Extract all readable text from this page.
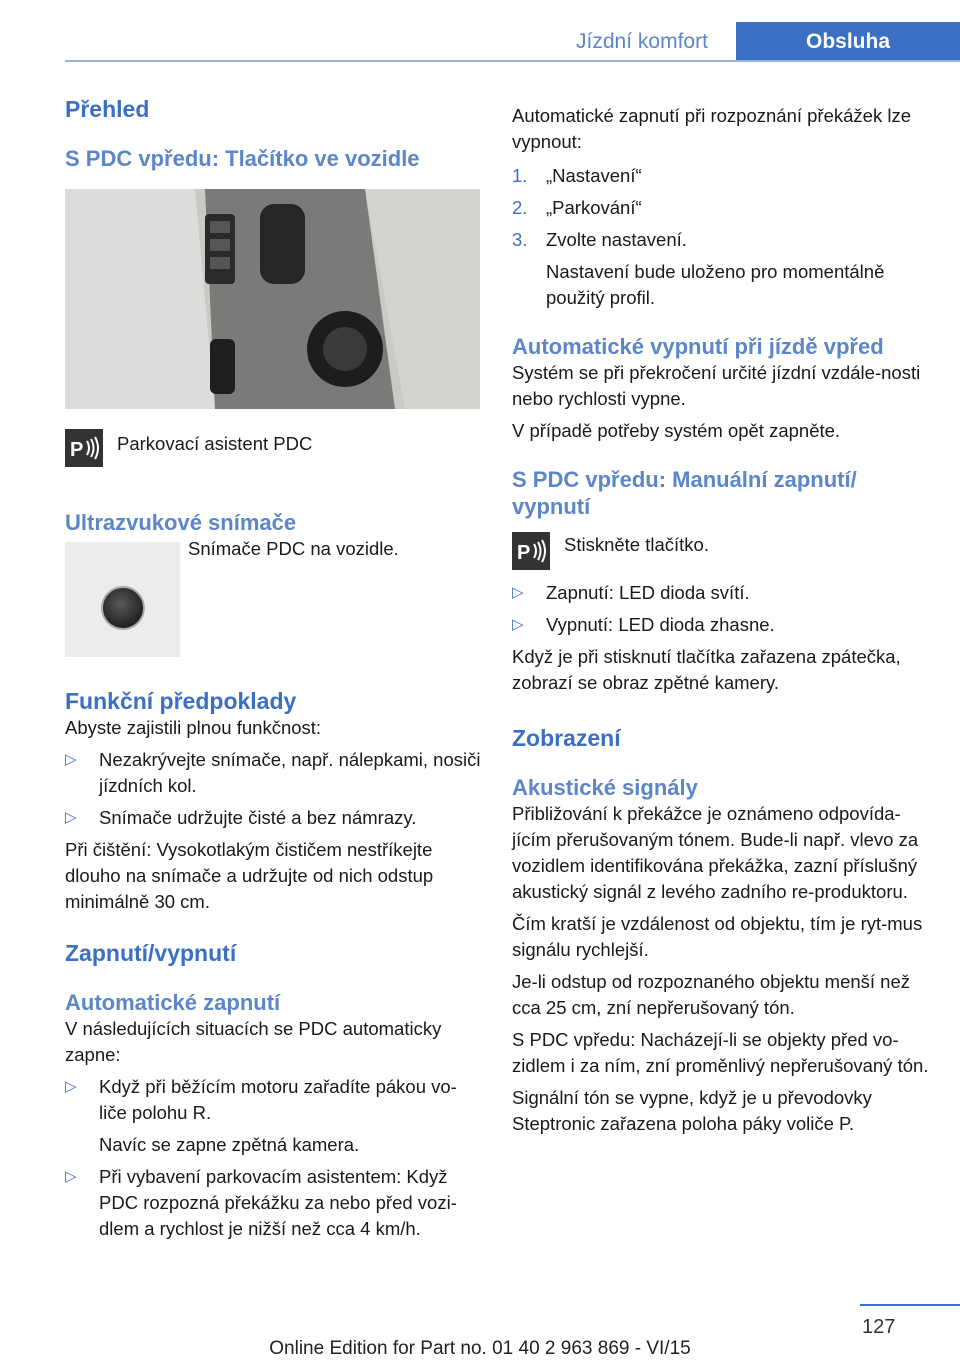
Jízdní komfort	Obsluha
Přehled
S PDC vpředu: Tlačítko ve vozidle
P Parkovací asistent PDC
Ultrazvukové snímače
Snímače PDC na vozidle.
Funkční předpoklady

Abyste zajistili plnou funkčnost:

▷ Nezakrývejte snímače, např. nálepkami, nosiči jízdních kol.
▷ Snímače udržujte čisté a bez námrazy.

Při čištění: Vysokotlakým čističem nestříkejte dlouho na snímače a udržujte od nich odstup minimálně 30 cm.

Zapnutí/vypnutí
Automatické zapnutí

V následujících situacích se PDC automaticky zapne:

▷ Když při běžícím motoru zařadíte pákou vo-liče polohu R.
Navíc se zapne zpětná kamera.
▷ Při vybavení parkovacím asistentem: Když PDC rozpozná překážku za nebo před vozi-dlem a rychlost je nižší než cca 4 km/h.

Automatické zapnutí při rozpoznání překážek lze vypnout:

1. „Nastavení“
2. „Parkování“
3. Zvolte nastavení.
Nastavení bude uloženo pro momentálně použitý profil.
Automatické vypnutí při jízdě vpřed

Systém se při překročení určité jízdní vzdále-nosti nebo rychlosti vypne.

V případě potřeby systém opět zapněte.

S PDC vpředu: Manuální zapnutí/ vypnutí
P Stiskněte tlačítko.
▷ Zapnutí: LED dioda svítí.
▷ Vypnutí: LED dioda zhasne.

Když je při stisknutí tlačítka zařazena zpátečka, zobrazí se obraz zpětné kamery.

Zobrazení
Akustické signály

Přibližování k překážce je oznámeno odpovída-jícím přerušovaným tónem. Bude-li např. vlevo za vozidlem identifikována překážka, zazní příslušný akustický signál z levého zadního re-produktoru.

Čím kratší je vzdálenost od objektu, tím je ryt-mus signálu rychlejší.

Je-li odstup od rozpoznaného objektu menší než cca 25 cm, zní nepřerušovaný tón.

S PDC vpředu: Nacházejí-li se objekty před vo-zidlem i za ním, zní proměnlivý nepřerušovaný tón.

Signální tón se vypne, když je u převodovky Steptronic zařazena poloha páky voliče P.

127
Online Edition for Part no. 01 40 2 963 869 - VI/15
